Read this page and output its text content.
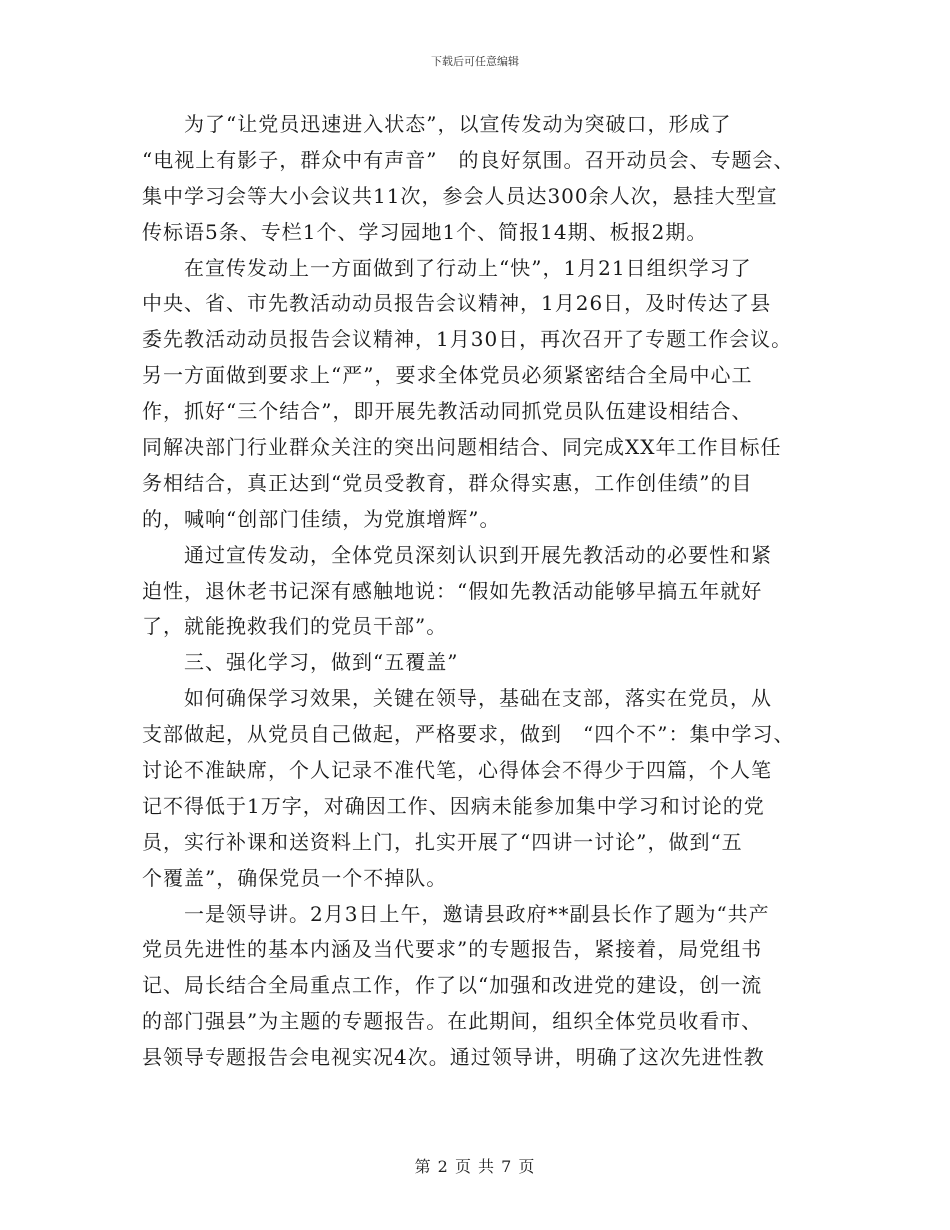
下载后可任意编辑
　　为了“让党员迅速进入状态”，以宣传发动为突破口，形成了
“电视上有影子，群众中有声音”　的良好氛围。召开动员会、专题会、
集中学习会等大小会议共11次，参会人员达300余人次，悬挂大型宣
传标语5条、专栏1个、学习园地1个、简报14期、板报2期。
　　在宣传发动上一方面做到了行动上“快”，1月21日组织学习了
中央、省、市先教活动动员报告会议精神，1月26日，及时传达了县
委先教活动动员报告会议精神，1月30日，再次召开了专题工作会议。
另一方面做到要求上“严”，要求全体党员必须紧密结合全局中心工
作，抓好“三个结合”，即开展先教活动同抓党员队伍建设相结合、
同解决部门行业群众关注的突出问题相结合、同完成XX年工作目标任
务相结合，真正达到“党员受教育，群众得实惠，工作创佳绩”的目
的，喊响“创部门佳绩，为党旗增辉”。
　　通过宣传发动，全体党员深刻认识到开展先教活动的必要性和紧
迫性，退休老书记深有感触地说：“假如先教活动能够早搞五年就好
了，就能挽救我们的党员干部”。
　　三、强化学习，做到“五覆盖”
　　如何确保学习效果，关键在领导，基础在支部，落实在党员，从
支部做起，从党员自己做起，严格要求，做到　“四个不”：集中学习、
讨论不准缺席，个人记录不准代笔，心得体会不得少于四篇，个人笔
记不得低于1万字，对确因工作、因病未能参加集中学习和讨论的党
员，实行补课和送资料上门，扎实开展了“四讲一讨论”，做到“五
个覆盖”，确保党员一个不掉队。
　　一是领导讲。2月3日上午，邀请县政府**副县长作了题为“共产
党员先进性的基本内涵及当代要求”的专题报告，紧接着，局党组书
记、局长结合全局重点工作，作了以“加强和改进党的建设，创一流
的部门强县”为主题的专题报告。在此期间，组织全体党员收看市、
县领导专题报告会电视实况4次。通过领导讲，明确了这次先进性教
第 2 页 共 7 页
